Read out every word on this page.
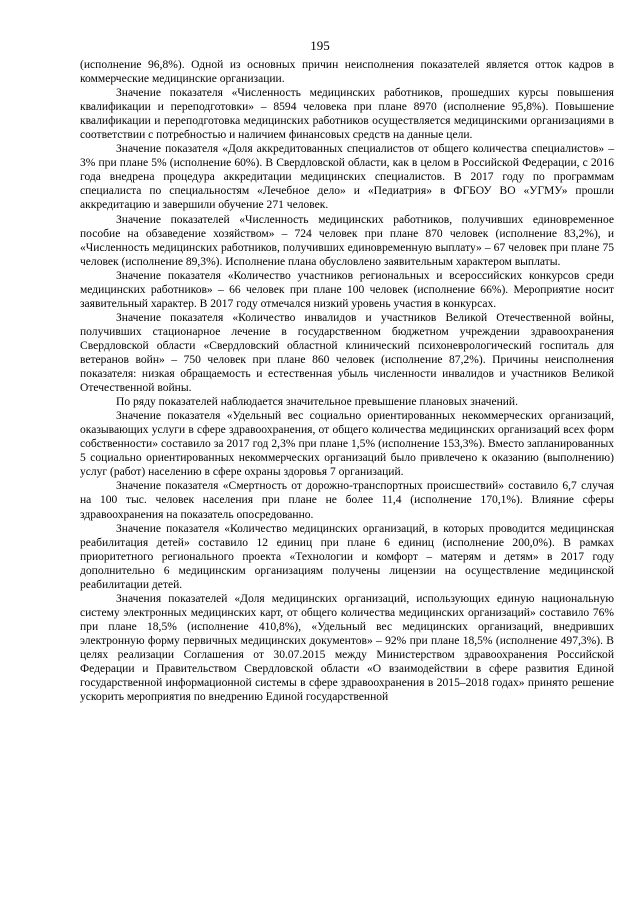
195

(исполнение 96,8%). Одной из основных причин неисполнения показателей является отток кадров в коммерческие медицинские организации.

Значение показателя «Численность медицинских работников, прошедших курсы повышения квалификации и переподготовки» – 8594 человека при плане 8970 (исполнение 95,8%). Повышение квалификации и переподготовка медицинских работников осуществляется медицинскими организациями в соответствии с потребностью и наличием финансовых средств на данные цели.

Значение показателя «Доля аккредитованных специалистов от общего количества специалистов» – 3% при плане 5% (исполнение 60%). В Свердловской области, как в целом в Российской Федерации, с 2016 года внедрена процедура аккредитации медицинских специалистов. В 2017 году по программам специалиста по специальностям «Лечебное дело» и «Педиатрия» в ФГБОУ ВО «УГМУ» прошли аккредитацию и завершили обучение 271 человек.

Значение показателей «Численность медицинских работников, получивших единовременное пособие на обзаведение хозяйством» – 724 человек при плане 870 человек (исполнение 83,2%), и «Численность медицинских работников, получивших единовременную выплату» – 67 человек при плане 75 человек (исполнение 89,3%). Исполнение плана обусловлено заявительным характером выплаты.

Значение показателя «Количество участников региональных и всероссийских конкурсов среди медицинских работников» – 66 человек при плане 100 человек (исполнение 66%). Мероприятие носит заявительный характер. В 2017 году отмечался низкий уровень участия в конкурсах.

Значение показателя «Количество инвалидов и участников Великой Отечественной войны, получивших стационарное лечение в государственном бюджетном учреждении здравоохранения Свердловской области «Свердловский областной клинический психоневрологический госпиталь для ветеранов войн» – 750 человек при плане 860 человек (исполнение 87,2%). Причины неисполнения показателя: низкая обращаемость и естественная убыль численности инвалидов и участников Великой Отечественной войны.

По ряду показателей наблюдается значительное превышение плановых значений.

Значение показателя «Удельный вес социально ориентированных некоммерческих организаций, оказывающих услуги в сфере здравоохранения, от общего количества медицинских организаций всех форм собственности» составило за 2017 год 2,3% при плане 1,5% (исполнение 153,3%). Вместо запланированных 5 социально ориентированных некоммерческих организаций было привлечено к оказанию (выполнению) услуг (работ) населению в сфере охраны здоровья 7 организаций.

Значение показателя «Смертность от дорожно-транспортных происшествий» составило 6,7 случая на 100 тыс. человек населения при плане не более 11,4 (исполнение 170,1%). Влияние сферы здравоохранения на показатель опосредованно.

Значение показателя «Количество медицинских организаций, в которых проводится медицинская реабилитация детей» составило 12 единиц при плане 6 единиц (исполнение 200,0%). В рамках приоритетного регионального проекта «Технологии и комфорт – матерям и детям» в 2017 году дополнительно 6 медицинским организациям получены лицензии на осуществление медицинской реабилитации детей.

Значения показателей «Доля медицинских организаций, использующих единую национальную систему электронных медицинских карт, от общего количества медицинских организаций» составило 76% при плане 18,5% (исполнение 410,8%), «Удельный вес медицинских организаций, внедривших электронную форму первичных медицинских документов» – 92% при плане 18,5% (исполнение 497,3%). В целях реализации Соглашения от 30.07.2015 между Министерством здравоохранения Российской Федерации и Правительством Свердловской области «О взаимодействии в сфере развития Единой государственной информационной системы в сфере здравоохранения в 2015–2018 годах» принято решение ускорить мероприятия по внедрению Единой государственной
